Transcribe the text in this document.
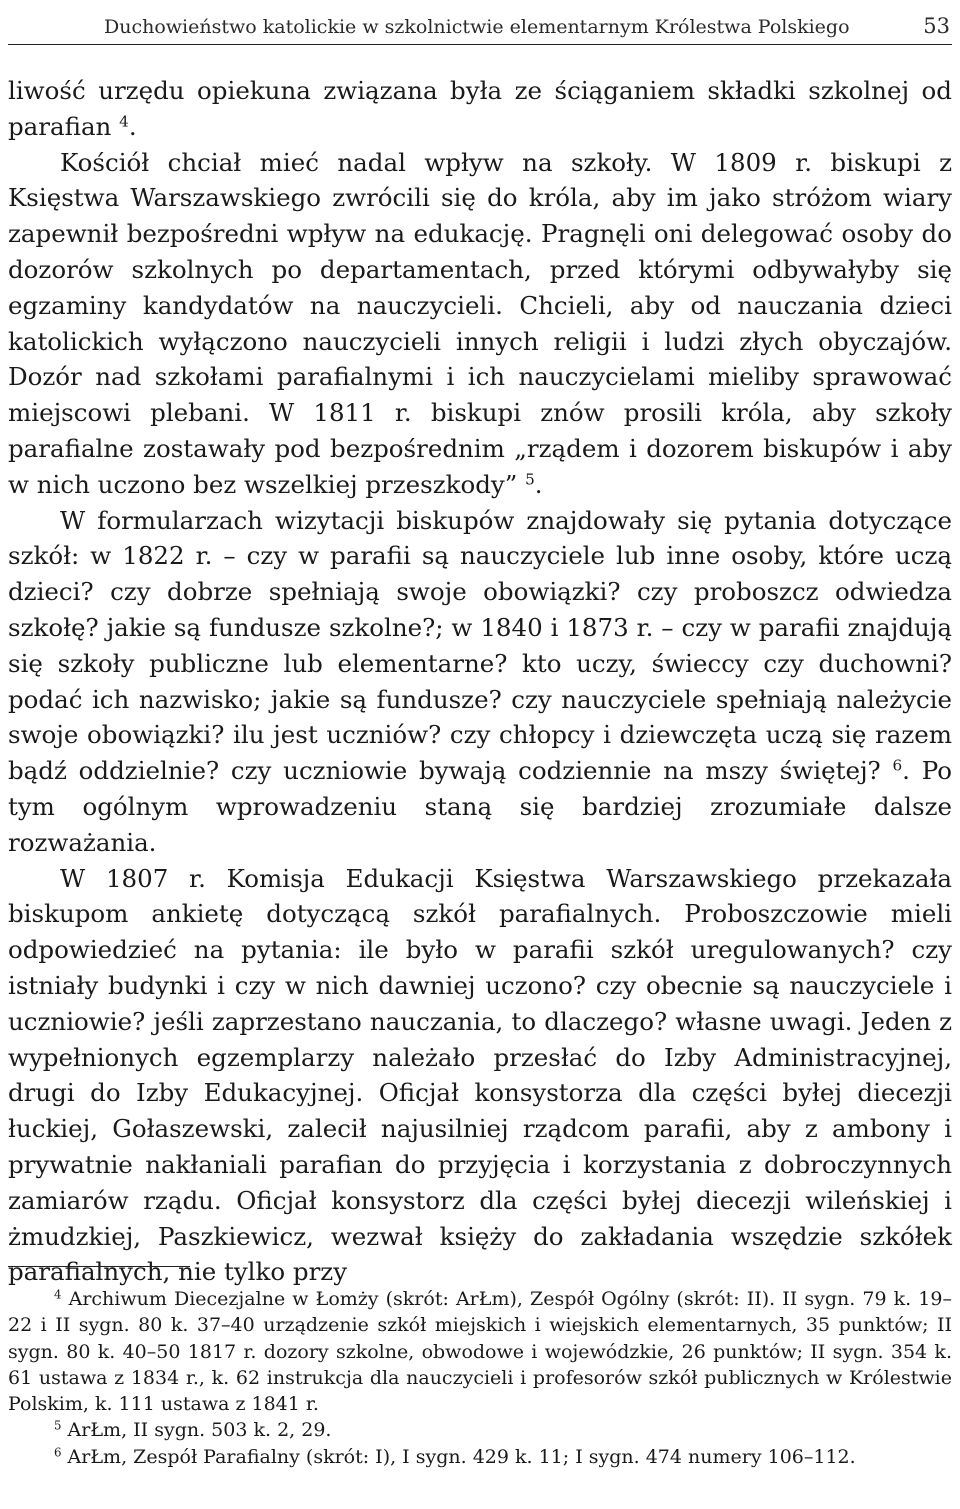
Duchowieństwo katolickie w szkolnictwie elementarnym Królestwa Polskiego	53

liwość urzędu opiekuna związana była ze ściąganiem składki szkolnej od parafian $^4$.

Kościół chciał mieć nadal wpływ na szkoły. W 1809 r. biskupi z Księstwa Warszawskiego zwrócili się do króla, aby im jako stróżom wiary zapewnił bezpośredni wpływ na edukację. Pragnęli oni delegować osoby do dozorów szkolnych po departamentach, przed którymi odbywałyby się egzaminy kandydatów na nauczycieli. Chcieli, aby od nauczania dzieci katolickich wyłączono nauczycieli innych religii i ludzi złych obyczajów. Dozór nad szkołami parafialnymi i ich nauczycielami mieliby sprawować miejscowi plebani. W 1811 r. biskupi znów prosili króla, aby szkoły parafialne zostawały pod bezpośrednim „rządem i dozorem biskupów i aby w nich uczono bez wszelkiej przeszkody” $^5$.

W formularzach wizytacji biskupów znajdowały się pytania dotyczące szkół: w 1822 r. – czy w parafii są nauczyciele lub inne osoby, które uczą dzieci? czy dobrze spełniają swoje obowiązki? czy proboszcz odwiedza szkołę? jakie są fundusze szkolne?; w 1840 i 1873 r. – czy w parafii znajdują się szkoły publiczne lub elementarne? kto uczy, świeccy czy duchowni? podać ich nazwisko; jakie są fundusze? czy nauczyciele spełniają należycie swoje obowiązki? ilu jest uczniów? czy chłopcy i dziewczęta uczą się razem bądź oddzielnie? czy uczniowie bywają codziennie na mszy świętej? $^6$. Po tym ogólnym wprowadzeniu staną się bardziej zrozumiałe dalsze rozważania.

W 1807 r. Komisja Edukacji Księstwa Warszawskiego przekazała biskupom ankietę dotyczącą szkół parafialnych. Proboszczowie mieli odpowiedzieć na pytania: ile było w parafii szkół uregulowanych? czy istniały budynki i czy w nich dawniej uczono? czy obecnie są nauczyciele i uczniowie? jeśli zaprzestano nauczania, to dlaczego? własne uwagi. Jeden z wypełnionych egzemplarzy należało przesłać do Izby Administracyjnej, drugi do Izby Edukacyjnej. Oficjał konsystorza dla części byłej diecezji łuckiej, Gołaszewski, zalecił najusilniej rządcom parafii, aby z ambony i prywatnie nakłaniali parafian do przyjęcia i korzystania z dobroczynnych zamiarów rządu. Oficjał konsystorz dla części byłej diecezji wileńskiej i żmudzkiej, Paszkiewicz, wezwał księży do zakładania wszędzie szkółek parafialnych, nie tylko przy

$^4$ Archiwum Diecezjalne w Łomży (skrót: ArŁm), Zespół Ogólny (skrót: II). II sygn. 79 k. 19–22 i II sygn. 80 k. 37–40 urządzenie szkół miejskich i wiejskich elementarnych, 35 punktów; II sygn. 80 k. 40–50 1817 r. dozory szkolne, obwodowe i wojewódzkie, 26 punktów; II sygn. 354 k. 61 ustawa z 1834 r., k. 62 instrukcja dla nauczycieli i profesorów szkół publicznych w Królestwie Polskim, k. 111 ustawa z 1841 r.

$^5$ ArŁm, II sygn. 503 k. 2, 29.

$^6$ ArŁm, Zespół Parafialny (skrót: I), I sygn. 429 k. 11; I sygn. 474 numery 106–112.
